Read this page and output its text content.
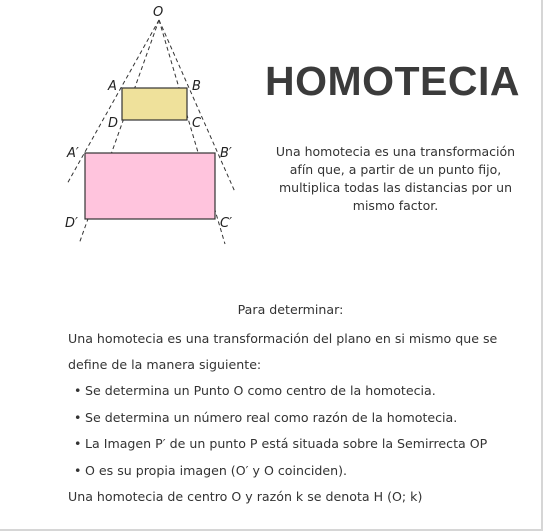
O
A	B
D	C
A′	B′
D′	C′
HOMOTECIA
Una homotecia es una transformación afín que, a partir de un punto fijo, multiplica todas las distancias por un mismo factor.
Para determinar:
Una homotecia es una transformación del plano en si mismo que se define de la manera siguiente:
• Se determina un Punto O como centro de la homotecia.
• Se determina un número real como razón de la homotecia.
• La Imagen P′ de un punto P está situada sobre la Semirrecta OP
• O es su propia imagen (O′ y O coinciden).
Una homotecia de centro O y razón k se denota H (O; k)
